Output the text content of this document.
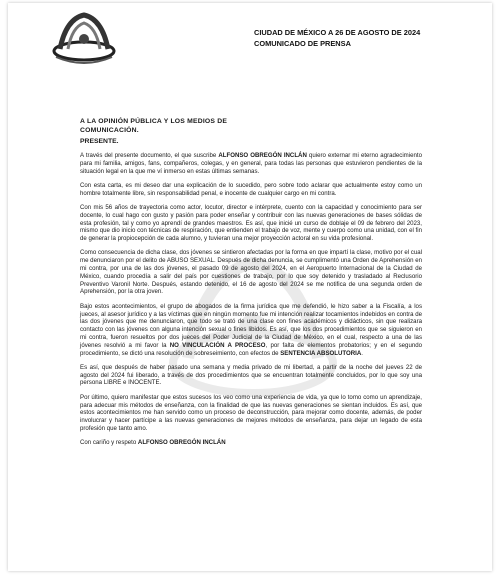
CIUDAD DE MÉXICO A 26 DE AGOSTO DE 2024
COMUNICADO DE PRENSA
A LA OPINIÓN PÚBLICA Y LOS MEDIOS DE
COMUNICACIÓN.
PRESENTE.

A través del presente documento, el que suscribe ALFONSO OBREGÓN INCLÁN quiero externar mi eterno agradecimiento para mi familia, amigos, fans, compañeros, colegas, y en general, para todas las personas que estuvieron pendientes de la situación legal en la que me ví inmerso en estas últimas semanas.

Con esta carta, es mi deseo dar una explicación de lo sucedido, pero sobre todo aclarar que actualmente estoy como un hombre totalmente libre, sin responsabilidad penal, e inocente de cualquier cargo en mi contra.

Con mis 56 años de trayectoria como actor, locutor, director e intérprete, cuento con la capacidad y conocimiento para ser docente, lo cual hago con gusto y pasión para poder enseñar y contribuir con las nuevas generaciones de bases sólidas de esta profesión, tal y como yo aprendí de grandes maestros. Es así, que inicié un curso de doblaje el 09 de febrero del 2023, mismo que dio inicio con técnicas de respiración, que entienden el trabajo de voz, mente y cuerpo como una unidad, con el fin de generar la propiocepción de cada alumno, y tuvieran una mejor proyección actoral en su vida profesional.

Como consecuencia de dicha clase, dos jóvenes se sintieron afectadas por la forma en que impartí la clase, motivo por el cual me denunciaron por el delito de ABUSO SEXUAL. Después de dicha denuncia, se cumplimentó una Orden de Aprehensión en mi contra, por una de las dos jóvenes, el pasado 09 de agosto del 2024, en el Aeropuerto Internacional de la Ciudad de México, cuando procedía a salir del país por cuestiones de trabajo, por lo que soy detenido y trasladado al Reclusorio Preventivo Varonil Norte. Después, estando detenido, el 16 de agosto del 2024 se me notifica de una segunda orden de Aprehensión, por la otra joven.

Bajo estos acontecimientos, el grupo de abogados de la firma jurídica que me defendió, le hizo saber a la Fiscalía, a los jueces, al asesor jurídico y a las víctimas que en ningún momento fue mi intención realizar tocamientos indebidos en contra de las dos jóvenes que me denunciaron, que todo se trató de una clase con fines académicos y didácticos, sin que realizara contacto con las jóvenes con alguna intención sexual o fines libidos. Es así, que los dos procedimientos que se siguieron en mi contra, fueron resueltos por dos jueces del Poder Judicial de la Ciudad de México, en el cual, respecto a una de las jóvenes resolvió a mi favor la NO VINCULACIÓN A PROCESO, por falta de elementos probatorios; y en el segundo procedimiento, se dictó una resolución de sobreseimiento, con efectos de SENTENCIA ABSOLUTORIA.

Es así, que después de haber pasado una semana y media privado de mi libertad, a partir de la noche del jueves 22 de agosto del 2024 fui liberado, a través de dos procedimientos que se encuentran totalmente concluidos, por lo que soy una persona LIBRE e INOCENTE.

Por último, quiero manifestar que estos sucesos los veo como una experiencia de vida, ya que lo tomo como un aprendizaje, para adecuar mis métodos de enseñanza, con la finalidad de que las nuevas generaciones se sientan incluidos. Es así, que estos acontecimientos me han servido como un proceso de deconstrucción, para mejorar como docente, además, de poder involucrar y hacer partícipe a las nuevas generaciones de mejores métodos de enseñanza, para dejar un legado de esta profesión que tanto amo.

Con cariño y respeto ALFONSO OBREGÓN INCLÁN
